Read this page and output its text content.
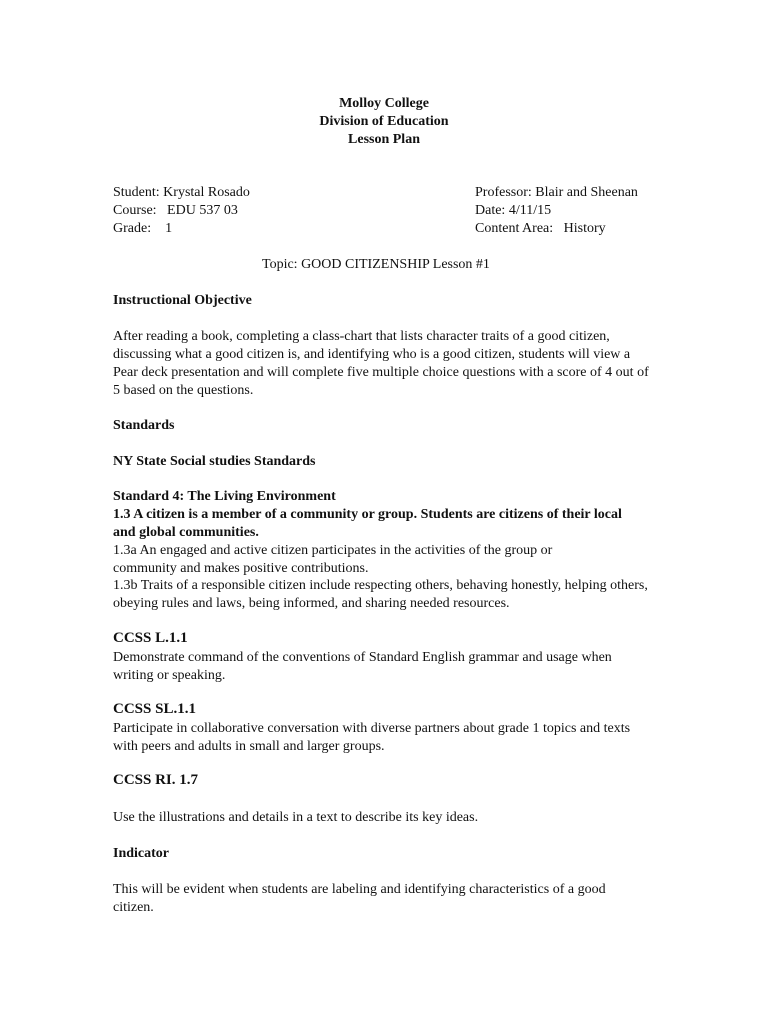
Molloy College
Division of Education
Lesson Plan
Student: Krystal Rosado
Course:   EDU 537 03
Grade:    1
Professor: Blair and Sheenan
Date: 4/11/15
Content Area:   History
Topic: GOOD CITIZENSHIP Lesson #1
Instructional Objective

After reading a book, completing a class-chart that lists character traits of a good citizen, discussing what a good citizen is, and identifying who is a good citizen, students will view a Pear deck presentation and will complete five multiple choice questions with a score of 4 out of 5 based on the questions.

Standards
NY State Social studies Standards
Standard 4: The Living Environment
1.3 A citizen is a member of a community or group. Students are citizens of their local and global communities.
1.3a An engaged and active citizen participates in the activities of the group or community and makes positive contributions.
1.3b Traits of a responsible citizen include respecting others, behaving honestly, helping others, obeying rules and laws, being informed, and sharing needed resources.
CCSS L.1.1
Demonstrate command of the conventions of Standard English grammar and usage when writing or speaking.
CCSS SL.1.1
Participate in collaborative conversation with diverse partners about grade 1 topics and texts with peers and adults in small and larger groups.
CCSS RI. 1.7
Use the illustrations and details in a text to describe its key ideas.
Indicator
This will be evident when students are labeling and identifying characteristics of a good citizen.
